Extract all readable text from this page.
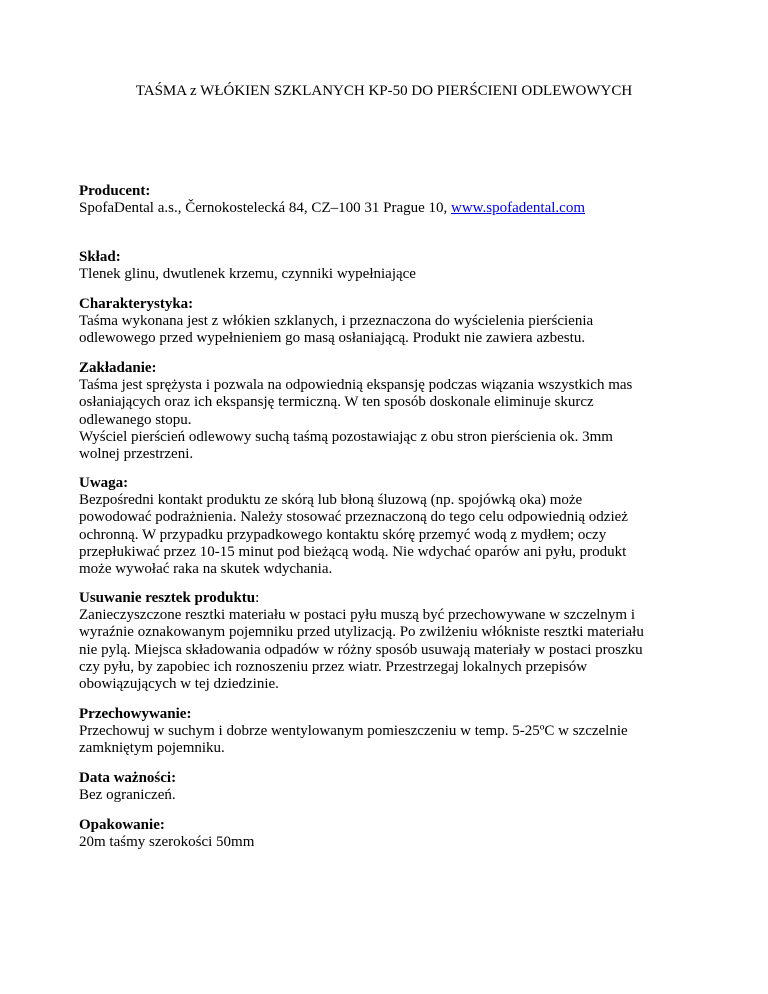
TAŚMA z WŁÓKIEN SZKLANYCH KP-50 DO PIERŚCIENI ODLEWOWYCH
Producent:
SpofaDental a.s., Černokostelecká 84, CZ–100 31 Prague 10, www.spofadental.com
Skład:
Tlenek glinu, dwutlenek krzemu, czynniki wypełniające
Charakterystyka:
Taśma wykonana jest z włókien szklanych, i przeznaczona do wyścielenia pierścienia
odlewowego przed wypełnieniem go masą osłaniającą. Produkt nie zawiera azbestu.
Zakładanie:
Taśma jest sprężysta i pozwala na odpowiednią ekspansję podczas wiązania wszystkich mas
osłaniających oraz ich ekspansję termiczną. W ten sposób doskonale eliminuje skurcz
odlewanego stopu.
Wyściel pierścień odlewowy suchą taśmą pozostawiając z obu stron pierścienia ok. 3mm
wolnej przestrzeni.
Uwaga:
Bezpośredni kontakt produktu ze skórą lub błoną śluzową (np. spojówką oka) może
powodować podrażnienia. Należy stosować przeznaczoną do tego celu odpowiednią odzież
ochronną. W przypadku przypadkowego kontaktu skórę przemyć wodą z mydłem; oczy
przepłukiwać przez 10-15 minut pod bieżącą wodą. Nie wdychać oparów ani pyłu, produkt
może wywołać raka na skutek wdychania.
Usuwanie resztek produktu:
Zanieczyszczone resztki materiału w postaci pyłu muszą być przechowywane w szczelnym i
wyraźnie oznakowanym pojemniku przed utylizacją. Po zwilżeniu włókniste resztki materiału
nie pylą. Miejsca składowania odpadów w różny sposób usuwają materiały w postaci proszku
czy pyłu, by zapobiec ich roznoszeniu przez wiatr. Przestrzegaj lokalnych przepisów
obowiązujących w tej dziedzinie.
Przechowywanie:
Przechowuj w suchym i dobrze wentylowanym pomieszczeniu w temp. 5-25ºC w szczelnie
zamkniętym pojemniku.
Data ważności:
Bez ograniczeń.
Opakowanie:
20m taśmy szerokości 50mm
